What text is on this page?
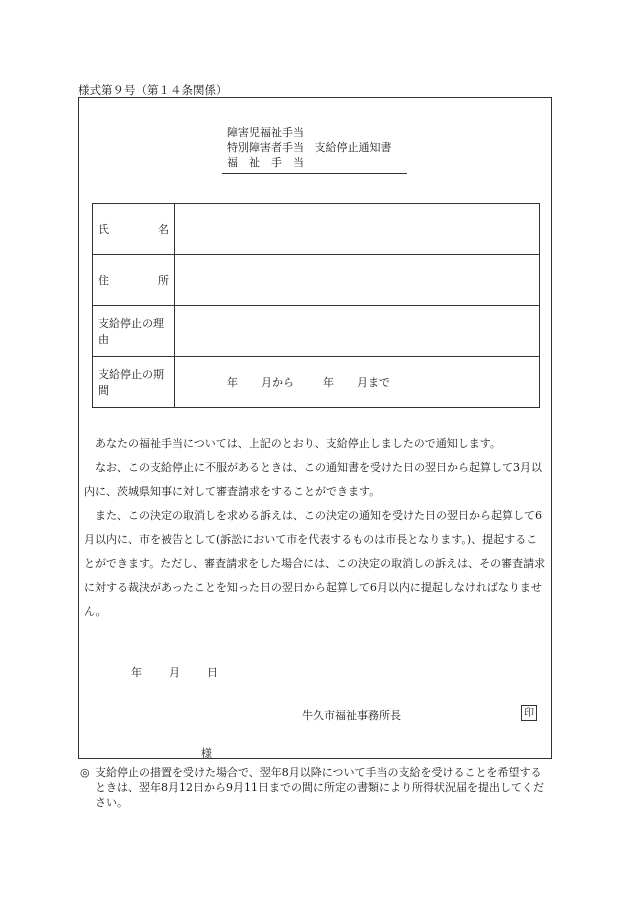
様式第９号（第１４条関係）
障害児福祉手当
特別障害者手当 支給停止通知書
福　祉　手　当
氏 名	

住 所	

支給停止の理由	
支給停止の期間	年 月から 年 月まで

あなたの福祉手当については、上記のとおり、支給停止しましたので通知します。

なお、この支給停止に不服があるときは、この通知書を受けた日の翌日から起算して3月以内に、茨城県知事に対して審査請求をすることができます。

また、この決定の取消しを求める訴えは、この決定の通知を受けた日の翌日から起算して6月以内に、市を被告として(訴訟において市を代表するものは市長となります。)、提起することができます。ただし、審査請求をした場合には、この決定の取消しの訴えは、その審査請求に対する裁決があったことを知った日の翌日から起算して6月以内に提起しなければなりません。

年 月 日
牛久市福祉事務所長	印
様
◎ 支給停止の措置を受けた場合で、翌年8月以降について手当の支給を受けることを希望するときは、翌年8月12日から9月11日までの間に所定の書類により所得状況届を提出してください。
